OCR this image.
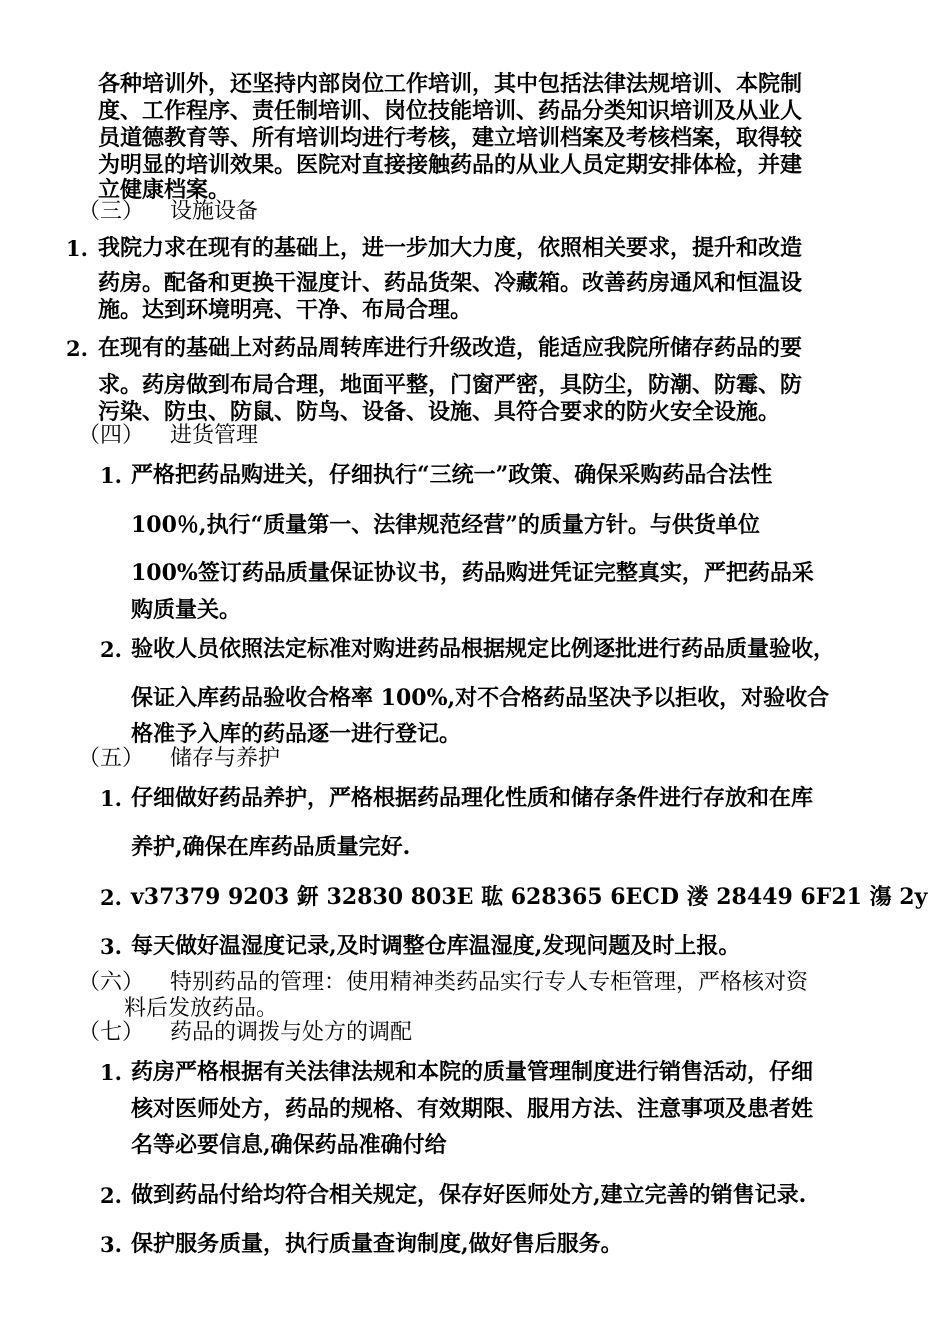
各种培训外，还坚持内部岗位工作培训，其中包括法律法规培训、本院制
度、工作程序、责任制培训、岗位技能培训、药品分类知识培训及从业人
员道德教育等、所有培训均进行考核，建立培训档案及考核档案，取得较
为明显的培训效果。医院对直接接触药品的从业人员定期安排体检，并建
立健康档案。
（三） 设施设备
1. 我院力求在现有的基础上，进一步加大力度，依照相关要求，提升和改造
药房。配备和更换干湿度计、药品货架、冷藏箱。改善药房通风和恒温设
施。达到环境明亮、干净、布局合理。
2. 在现有的基础上对药品周转库进行升级改造，能适应我院所储存药品的要
求。药房做到布局合理，地面平整，门窗严密，具防尘，防潮、防霉、防
污染、防虫、防鼠、防鸟、设备、设施、具符合要求的防火安全设施。
（四） 进货管理
1. 严格把药品购进关，仔细执行“三统一”政策、确保采购药品合法性
100％,执行“质量第一、法律规范经营”的质量方针。与供货单位
100%签订药品质量保证协议书，药品购进凭证完整真实，严把药品采
购质量关。
2. 验收人员依照法定标准对购进药品根据规定比例逐批进行药品质量验收，
保证入库药品验收合格率 100%,对不合格药品坚决予以拒收，对验收合
格准予入库的药品逐一进行登记。
（五） 储存与养护
1. 仔细做好药品养护，严格根据药品理化性质和储存条件进行存放和在库
养护,确保在库药品质量完好.
2. v37379 9203 鈃 32830 803E 耾 628365 6ECD 溇 28449 6F21 漡 2y
3. 每天做好温湿度记录,及时调整仓库温湿度,发现问题及时上报。
（六） 特别药品的管理：使用精神类药品实行专人专柜管理，严格核对资
料后发放药品。
（七） 药品的调拨与处方的调配
1. 药房严格根据有关法律法规和本院的质量管理制度进行销售活动，仔细
核对医师处方，药品的规格、有效期限、服用方法、注意事项及患者姓
名等必要信息,确保药品准确付给
2. 做到药品付给均符合相关规定，保存好医师处方,建立完善的销售记录.
3. 保护服务质量，执行质量查询制度,做好售后服务。
